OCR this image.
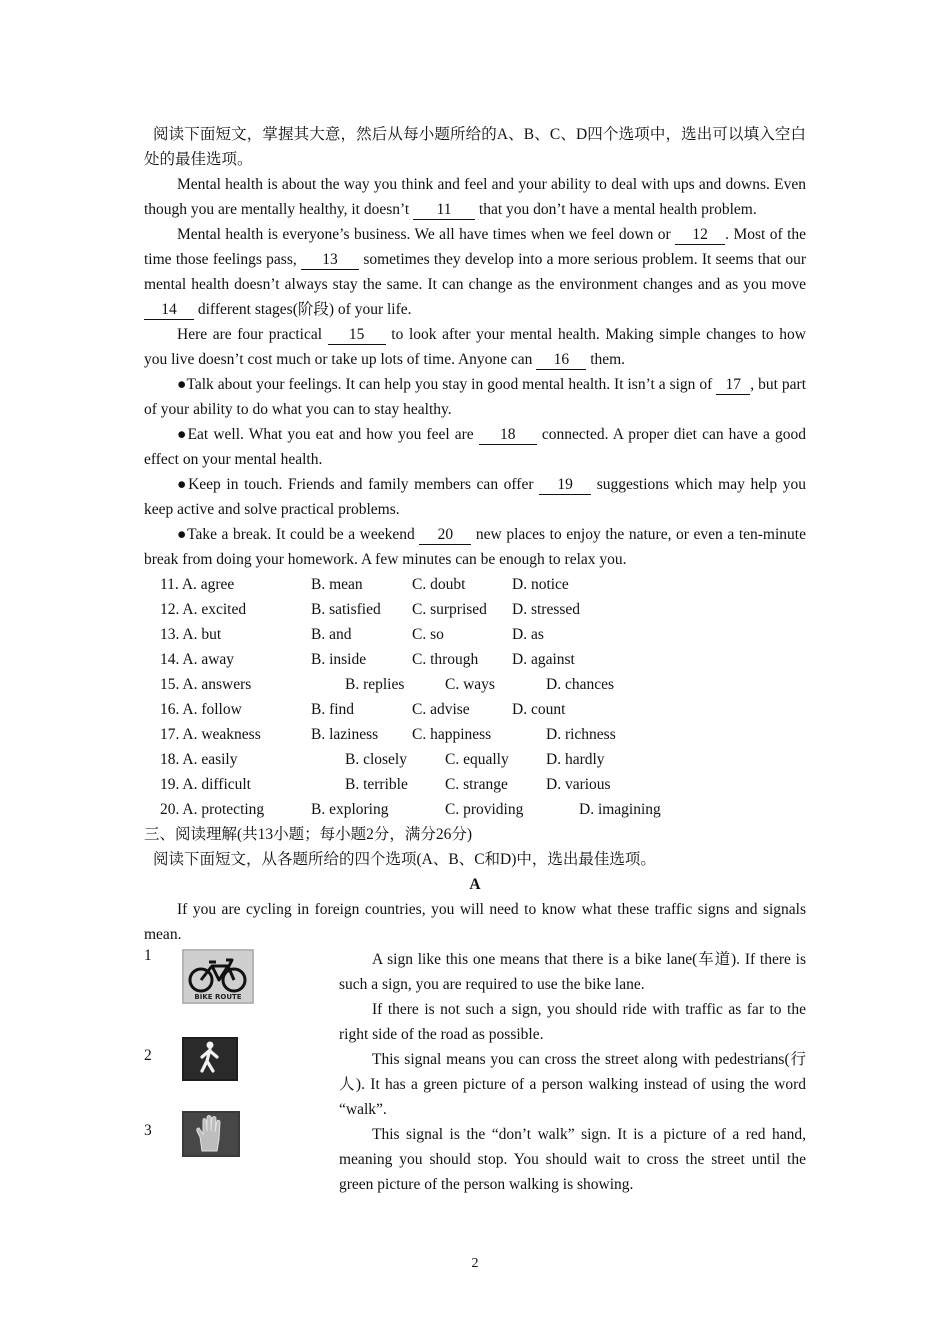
阅读下面短文，掌握其大意，然后从每小题所给的A、B、C、D四个选项中，选出可以填入空白处的最佳选项。

Mental health is about the way you think and feel and your ability to deal with ups and downs. Even though you are mentally healthy, it doesn’t 11 that you don’t have a mental health problem.

Mental health is everyone’s business. We all have times when we feel down or 12 . Most of the time those feelings pass, 13 sometimes they develop into a more serious problem. It seems that our mental health doesn’t always stay the same. It can change as the environment changes and as you move 14 different stages(阶段) of your life.

Here are four practical 15 to look after your mental health. Making simple changes to how you live doesn’t cost much or take up lots of time. Anyone can 16 them.

●Talk about your feelings. It can help you stay in good mental health. It isn’t a sign of 17 , but part of your ability to do what you can to stay healthy.

●Eat well. What you eat and how you feel are 18 connected. A proper diet can have a good effect on your mental health.

●Keep in touch. Friends and family members can offer 19 suggestions which may help you keep active and solve practical problems.

●Take a break. It could be a weekend 20 new places to enjoy the nature, or even a ten-minute break from doing your homework. A few minutes can be enough to relax you.

11. A. agree	B. mean	C. doubt	D. notice
12. A. excited	B. satisfied C. surprised D. stressed
13. A. but	B. and	C. so	D. as
14. A. away	B. inside	C. through D. against
15. A. answers	B. replies	C. ways	D. chances
16. A. follow	B. find	C. advise	D. count
17. A. weakness	B. laziness C. happiness	D. richness
18. A. easily	B. closely C. equally D. hardly
19. A. difficult	B. terrible C. strange D. various
20. A. protecting	B. exploring	C. providing	D. imagining

三、阅读理解(共13小题；每小题2分，满分26分)

阅读下面短文，从各题所给的四个选项(A、B、C和D)中，选出最佳选项。

A

If you are cycling in foreign countries, you will need to know what these traffic signs and signals mean.

1
BIKE ROUTE

A sign like this one means that there is a bike lane(车道). If there is such a sign, you are required to use the bike lane.

If there is not such a sign, you should ride with traffic as far to the right side of the road as possible.

2	This signal means you can cross the street along with pedestrians(行人). It has a green picture of a person walking instead of using the word “walk”.

3	This signal is the “don’t walk” sign. It is a picture of a red hand, meaning you should stop. You should wait to cross the street until the green picture of the person walking is showing.

2
